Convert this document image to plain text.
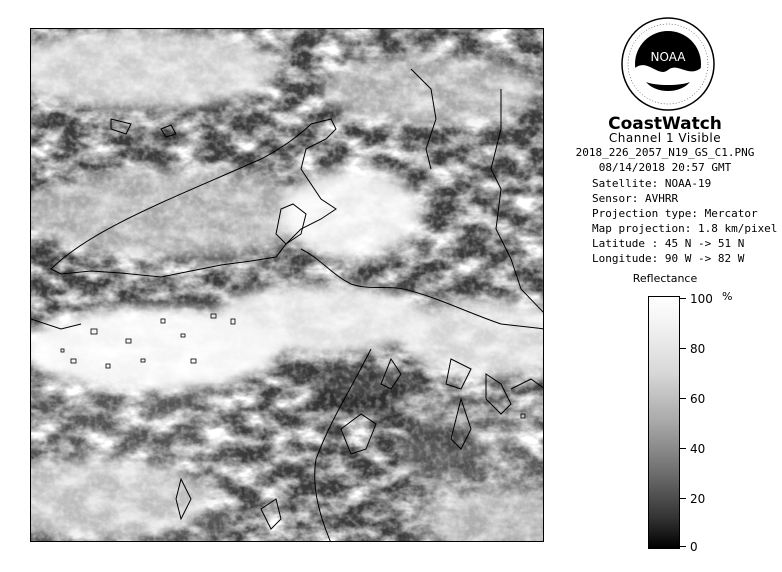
NOAA
CoastWatch
Channel 1 Visible
2018_226_2057_N19_GS_C1.PNG
08/14/2018 20:57 GMT
Satellite: NOAA-19
Sensor: AVHRR
Projection type: Mercator
Map projection: 1.8 km/pixel
Latitude : 45 N -> 51 N
Longitude: 90 W -> 82 W
Reflectance
%
100
80
60
40
20
0
